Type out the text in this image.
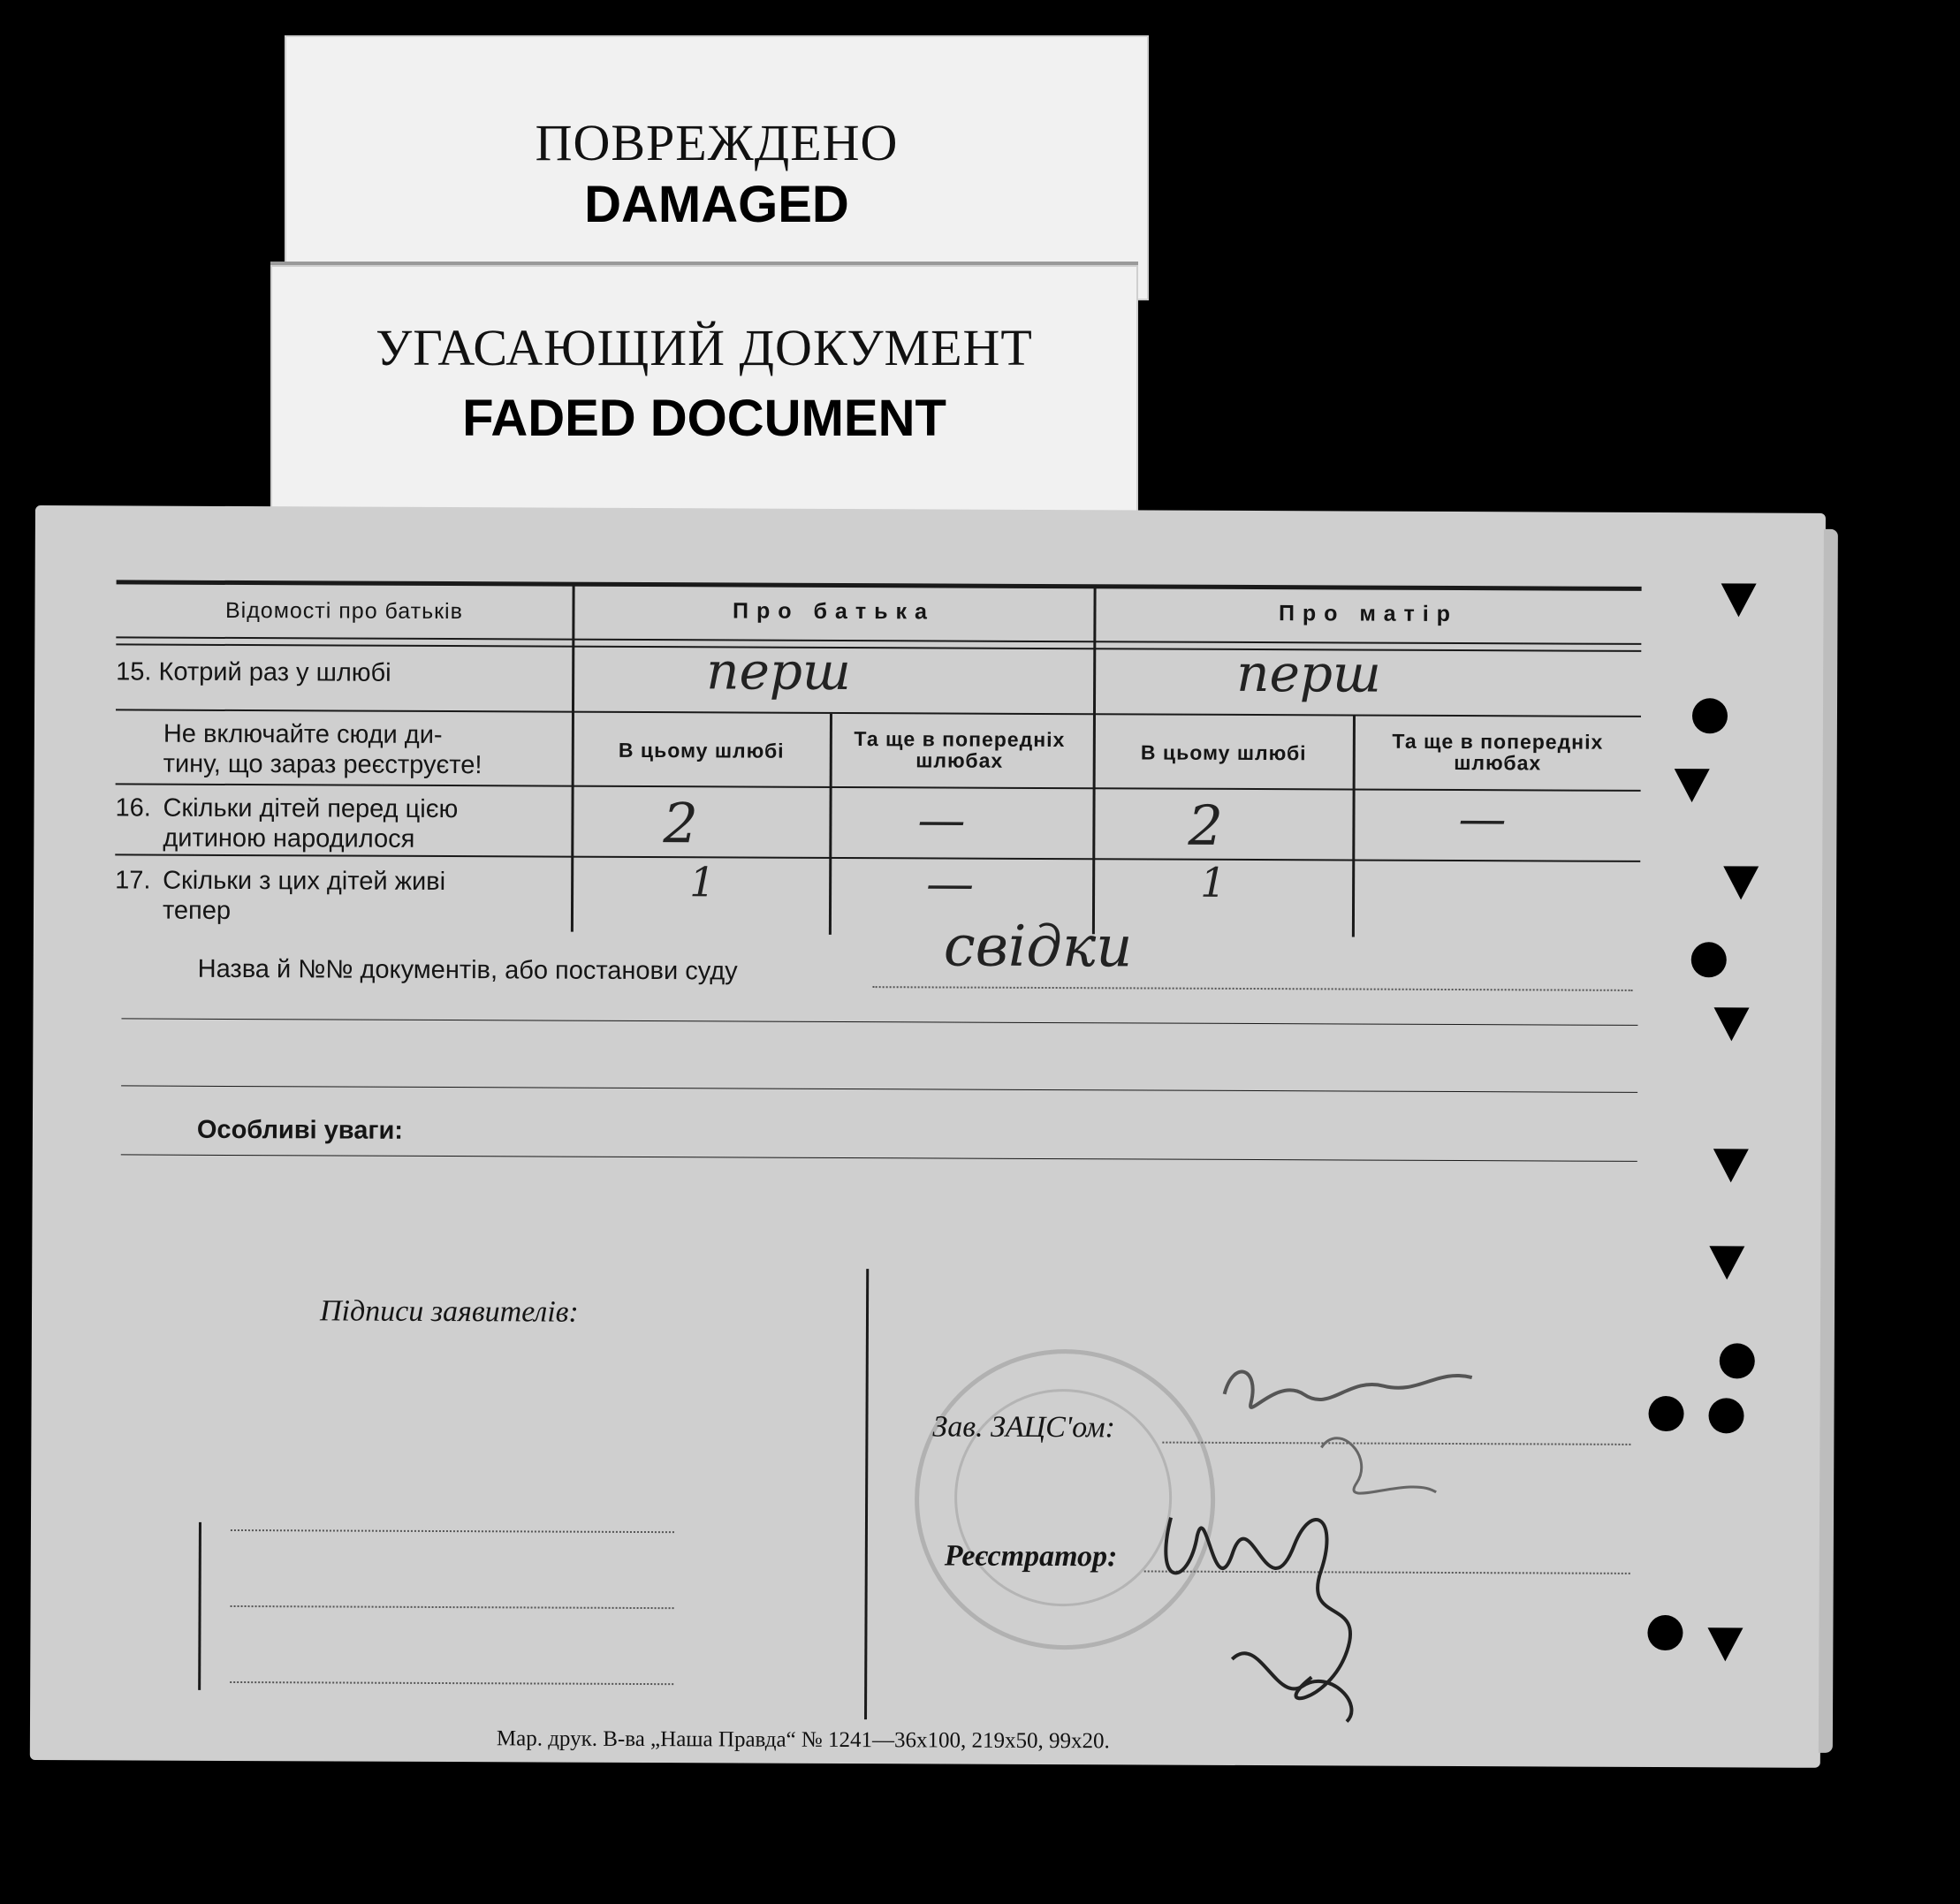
ПОВРЕЖДЕНО
DAMAGED
УГАСАЮЩИЙ ДОКУМЕНТ
FADED DOCUMENT
Відомості про батьків	Про батька	Про матір
15. Котрий раз у шлюбі	перш	перш
Не включайте сюди ди-
тину, що зараз реєструєте!	В цьому шлюбі	Та ще в попередніх шлюбах	В цьому шлюбі	Та ще в попередніх шлюбах
16. Скільки дітей перед цією
дитиною народилося	2	—	2	—
17. Скільки з цих дітей живі
тепер
1	—	1
Назва й №№ документів, або постанови суду	свідки
Особливі уваги:
Підписи заявителів:
Зав. ЗАЦС'ом:
Реєстратор:
Мар. друк. В-ва „Наша Правда“ № 1241—36х100, 219х50, 99х20.
